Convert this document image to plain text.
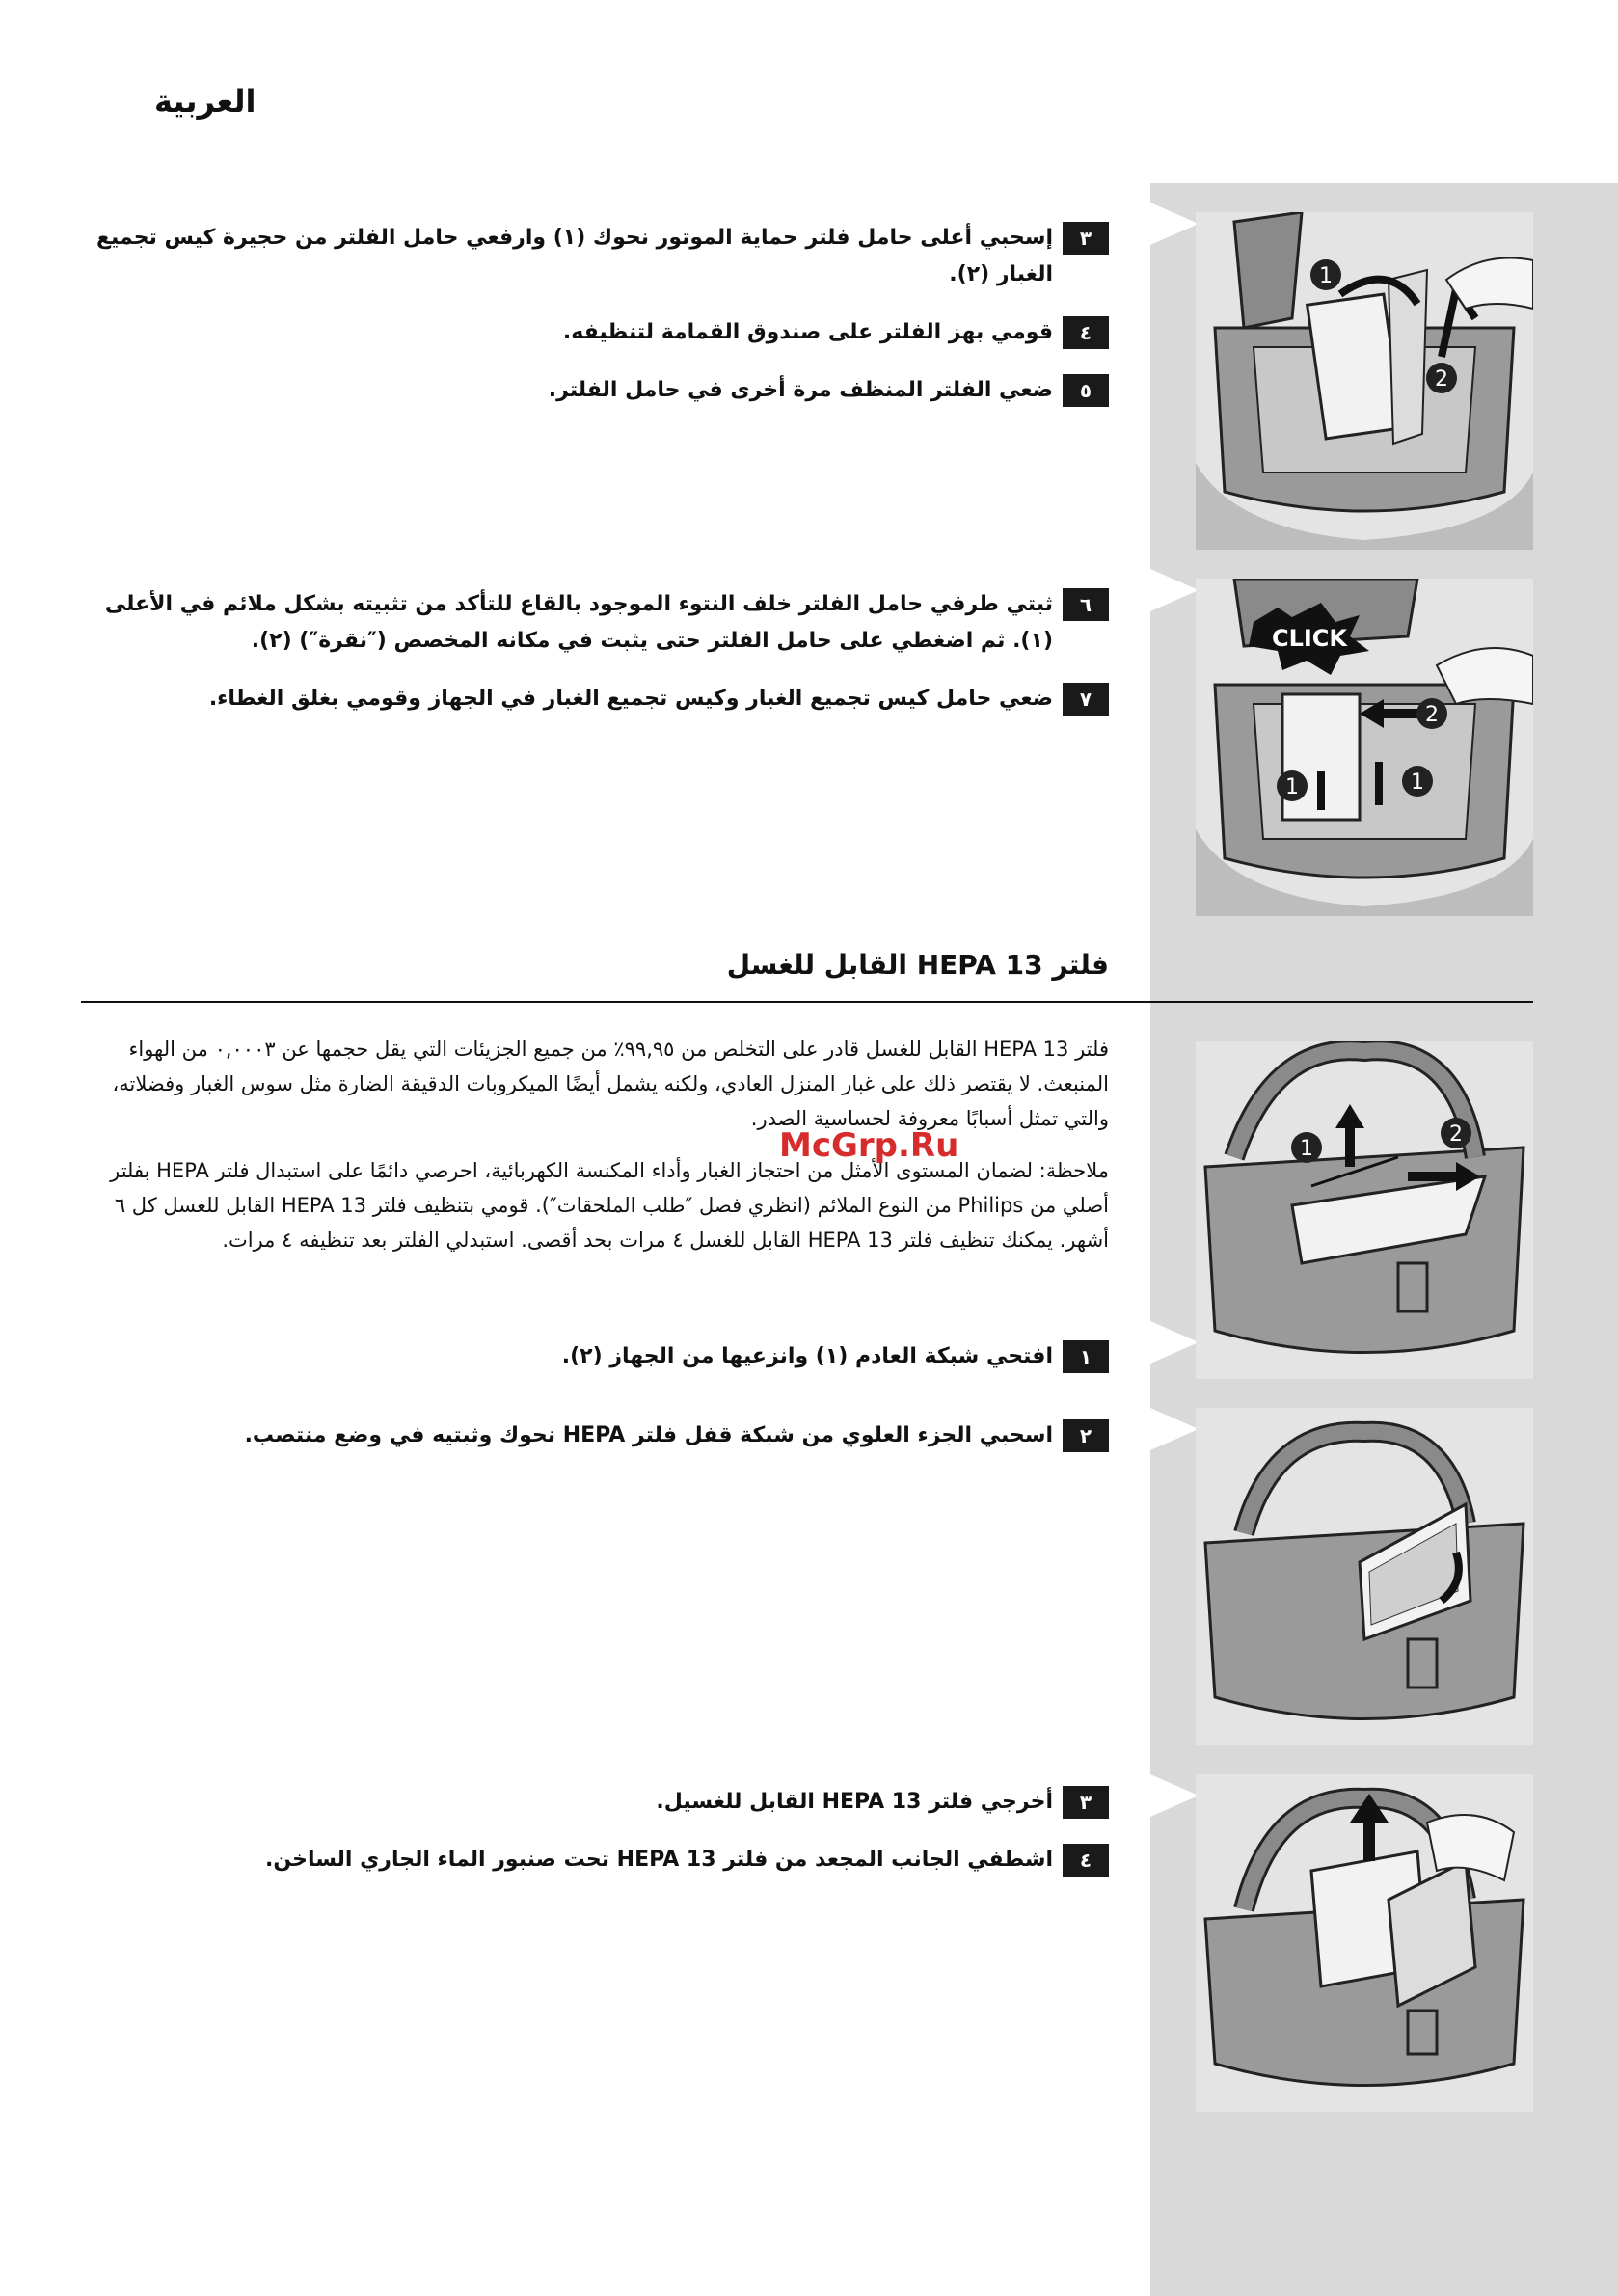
العربية
1
2
CLICK
2
1	1
1
2
٣
إسحبي أعلى حامل فلتر حماية الموتور نحوك (١) وارفعي حامل الفلتر من حجيرة كيس تجميع الغبار (٢).
٤
قومي بهز الفلتر على صندوق القمامة لتنظيفه.
٥
ضعي الفلتر المنظف مرة أخرى في حامل الفلتر.
٦
ثبتي طرفي حامل الفلتر خلف النتوء الموجود بالقاع للتأكد من تثبيته بشكل ملائم في الأعلى (١). ثم اضغطي على حامل الفلتر حتى يثبت في مكانه المخصص (″نقرة″) (٢).
٧
ضعي حامل كيس تجميع الغبار وكيس تجميع الغبار في الجهاز وقومي بغلق الغطاء.
فلتر HEPA 13 القابل للغسل

فلتر HEPA 13 القابل للغسل قادر على التخلص من ٩٩,٩٥٪ من جميع الجزيئات التي يقل حجمها عن ٠,٠٠٠٣ من الهواء المنبعث. لا يقتصر ذلك على غبار المنزل العادي، ولكنه يشمل أيضًا الميكروبات الدقيقة الضارة مثل سوس الغبار وفضلاته، والتي تمثل أسبابًا معروفة لحساسية الصدر.

ملاحظة: لضمان المستوى الأمثل من احتجاز الغبار وأداء المكنسة الكهربائية، احرصي دائمًا على استبدال فلتر HEPA بفلتر أصلي من Philips من النوع الملائم (انظري فصل ″طلب الملحقات″). قومي بتنظيف فلتر HEPA 13 القابل للغسل كل ٦ أشهر. يمكنك تنظيف فلتر HEPA 13 القابل للغسل ٤ مرات بحد أقصى. استبدلي الفلتر بعد تنظيفه ٤ مرات.

١
افتحي شبكة العادم (١) وانزعيها من الجهاز (٢).
٢
اسحبي الجزء العلوي من شبكة قفل فلتر HEPA نحوك وثبتيه في وضع منتصب.
٣
أخرجي فلتر HEPA 13 القابل للغسيل.
٤
اشطفي الجانب المجعد من فلتر HEPA 13 تحت صنبور الماء الجاري الساخن.
McGrp.Ru
